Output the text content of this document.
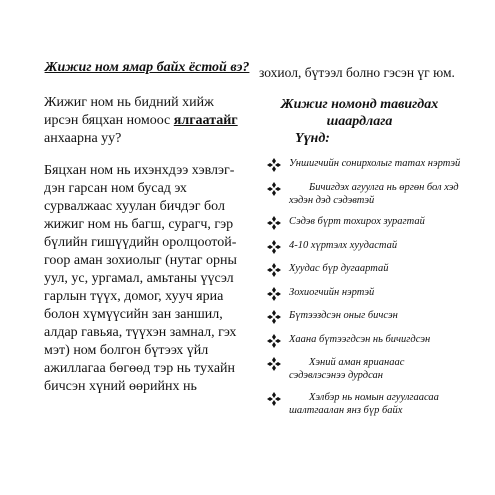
Жижиг ном ямар байх ёстой вэ?

Жижиг ном нь бидний хийж ирсэн бяцхан номоос ялгаатайг анхаарна уу?

Бяцхан ном нь ихэнхдээ хэвлэг-дэн гарсан ном бусад эх сурвалжаас хуулан бичдэг бол жижиг ном нь багш, сурагч, гэр бүлийн гишүүдийн оролцоотой-гоор аман зохиолыг (нутаг орны уул, ус, ургамал, амьтаны үүсэл гарлын түүх, домог, хууч яриа болон хүмүүсийн зан заншил, алдар гавьяа, түүхэн замнал, гэх мэт) ном болгон бүтээх үйл ажиллагаа бөгөөд тэр нь тухайн бичсэн хүний өөрийнх нь

зохиол, бүтээл болно гэсэн үг юм.

Жижиг номонд тавигдах шаардлага

Үүнд:

Уншигчийн сонирхолыг татах нэртэй
Бичигдэх агуулга нь өргөн бол хэд хэдэн дэд сэдэвтэй
Сэдэв бүрт тохирох зурагтай
4-10 хүртэлх хуудастай
Хуудас бүр дугаартай
Зохиогчийн нэртэй
Бүтээздсэн оныг бичсэн
Хаана бүтээгдсэн нь бичигдсэн
Хэний аман ярианаас сэдэвлэсэнээ дурдсан
Хэлбэр нь номын агуулгаасаа шалтгаалан янз бүр байх
